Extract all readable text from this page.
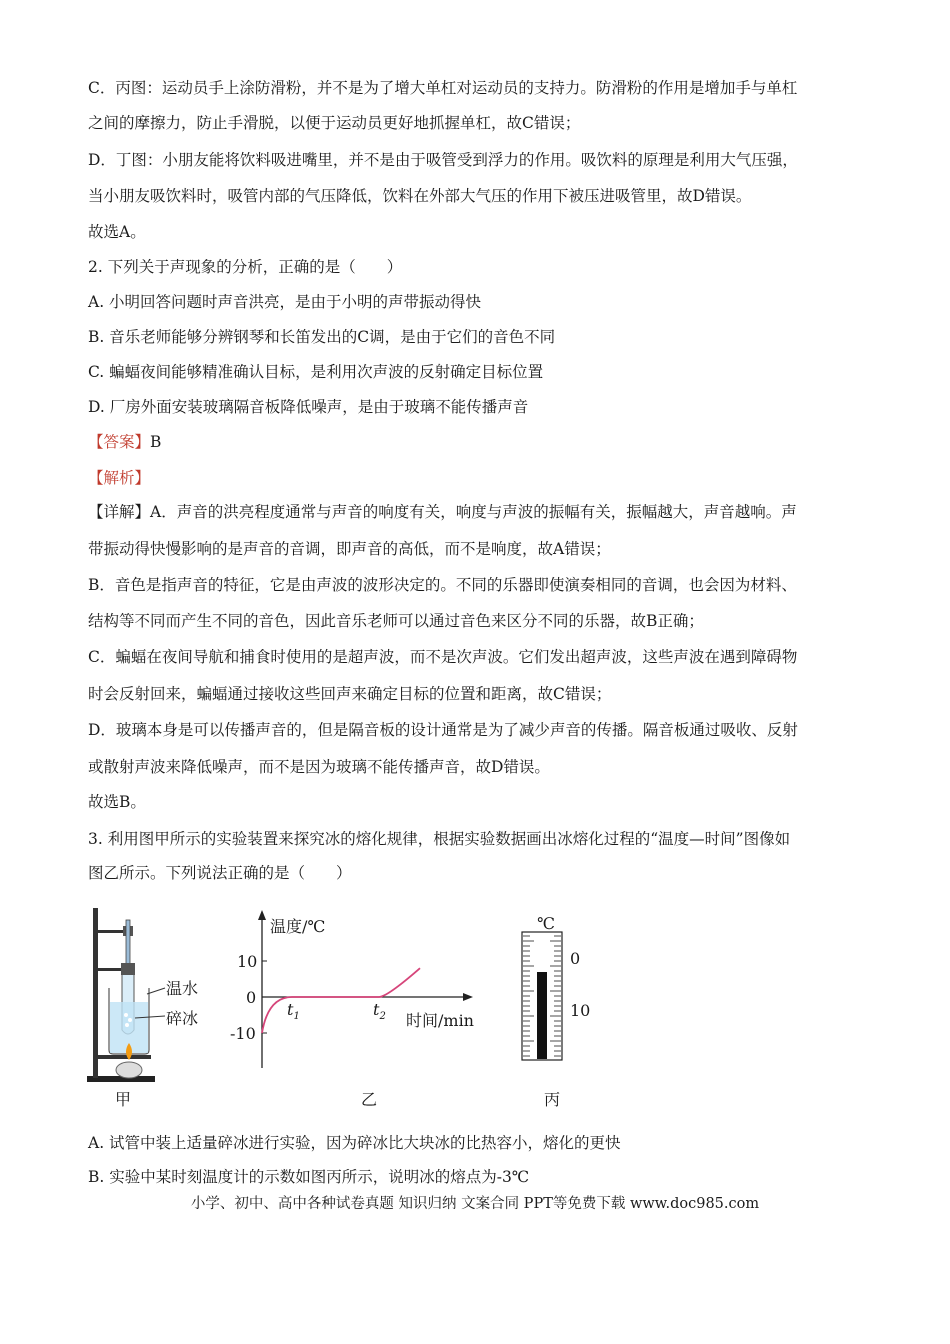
C．丙图：运动员手上涂防滑粉，并不是为了增大单杠对运动员的支持力。防滑粉的作用是增加手与单杠
之间的摩擦力，防止手滑脱，以便于运动员更好地抓握单杠，故C错误；
D．丁图：小朋友能将饮料吸进嘴里，并不是由于吸管受到浮力的作用。吸饮料的原理是利用大气压强，
当小朋友吸饮料时，吸管内部的气压降低，饮料在外部大气压的作用下被压进吸管里，故D错误。
故选A。
2. 下列关于声现象的分析，正确的是（　　）
A. 小明回答问题时声音洪亮，是由于小明的声带振动得快
B. 音乐老师能够分辨钢琴和长笛发出的C调，是由于它们的音色不同
C. 蝙蝠夜间能够精准确认目标，是利用次声波的反射确定目标位置
D. 厂房外面安装玻璃隔音板降低噪声，是由于玻璃不能传播声音
【答案】B
【解析】
【详解】A．声音的洪亮程度通常与声音的响度有关，响度与声波的振幅有关，振幅越大，声音越响。声
带振动得快慢影响的是声音的音调，即声音的高低，而不是响度，故A错误；
B．音色是指声音的特征，它是由声波的波形决定的。不同的乐器即使演奏相同的音调，也会因为材料、
结构等不同而产生不同的音色，因此音乐老师可以通过音色来区分不同的乐器，故B正确；
C．蝙蝠在夜间导航和捕食时使用的是超声波，而不是次声波。它们发出超声波，这些声波在遇到障碍物
时会反射回来，蝙蝠通过接收这些回声来确定目标的位置和距离，故C错误；
D．玻璃本身是可以传播声音的，但是隔音板的设计通常是为了减少声音的传播。隔音板通过吸收、反射
或散射声波来降低噪声，而不是因为玻璃不能传播声音，故D错误。
故选B。
3. 利用图甲所示的实验装置来探究冰的熔化规律，根据实验数据画出冰熔化过程的“温度—时间”图像如
图乙所示。下列说法正确的是（　　）
温水
碎冰
甲
温度/℃
10
0
-10
$t_1$	$t_2$ 时间/min
乙
℃
0
10
丙
A. 试管中装上适量碎冰进行实验，因为碎冰比大块冰的比热容小，熔化的更快
B. 实验中某时刻温度计的示数如图丙所示，说明冰的熔点为-3℃
小学、初中、高中各种试卷真题 知识归纳 文案合同 PPT等免费下载 www.doc985.com
